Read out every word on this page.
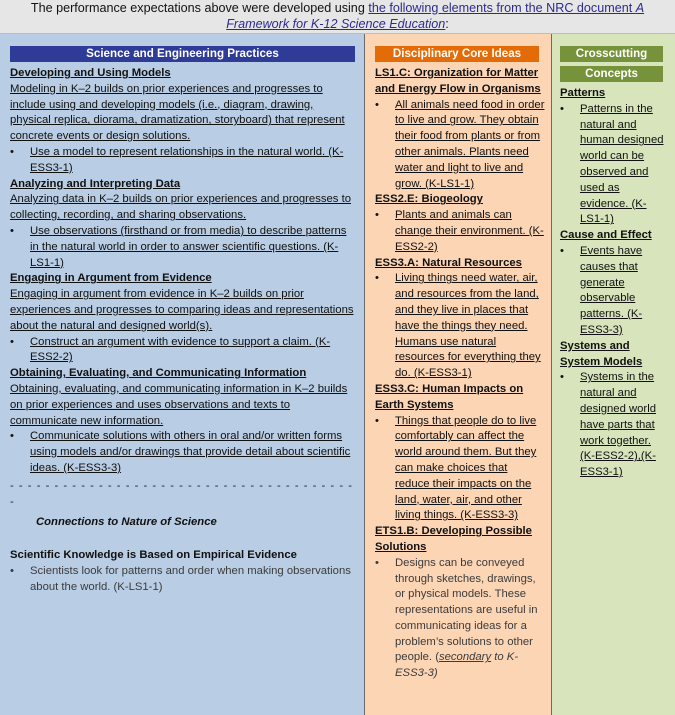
The performance expectations above were developed using the following elements from the NRC document A Framework for K-12 Science Education:
Science and Engineering Practices
Developing and Using Models
Modeling in K–2 builds on prior experiences and progresses to include using and developing models (i.e., diagram, drawing, physical replica, diorama, dramatization, storyboard) that represent concrete events or design solutions.
• Use a model to represent relationships in the natural world. (K-ESS3-1)
Analyzing and Interpreting Data
Analyzing data in K–2 builds on prior experiences and progresses to collecting, recording, and sharing observations.
• Use observations (firsthand or from media) to describe patterns in the natural world in order to answer scientific questions. (K-LS1-1)
Engaging in Argument from Evidence
Engaging in argument from evidence in K–2 builds on prior experiences and progresses to comparing ideas and representations about the natural and designed world(s).
• Construct an argument with evidence to support a claim. (K-ESS2-2)
Obtaining, Evaluating, and Communicating Information
Obtaining, evaluating, and communicating information in K–2 builds on prior experiences and uses observations and texts to communicate new information.
• Communicate solutions with others in oral and/or written forms using models and/or drawings that provide detail about scientific ideas. (K-ESS3-3)
- - - - - - - - - - - - - - - - - - - - - - - - - - - - - - - - - - - - - - - -
Connections to Nature of Science
Scientific Knowledge is Based on Empirical Evidence
• Scientists look for patterns and order when making observations about the world. (K-LS1-1)
Disciplinary Core Ideas
LS1.C: Organization for Matter and Energy Flow in Organisms
• All animals need food in order to live and grow. They obtain their food from plants or from other animals. Plants need water and light to live and grow. (K-LS1-1)
ESS2.E: Biogeology
• Plants and animals can change their environment. (K-ESS2-2)
ESS3.A: Natural Resources
• Living things need water, air, and resources from the land, and they live in places that have the things they need. Humans use natural resources for everything they do. (K-ESS3-1)
ESS3.C: Human Impacts on Earth Systems
• Things that people do to live comfortably can affect the world around them. But they can make choices that reduce their impacts on the land, water, air, and other living things. (K-ESS3-3)
ETS1.B: Developing Possible Solutions
• Designs can be conveyed through sketches, drawings, or physical models. These representations are useful in communicating ideas for a problem’s solutions to other people. (secondary to K-ESS3-3)
Crosscutting
Concepts
Patterns
• Patterns in the natural and human designed world can be observed and used as evidence. (K-LS1-1)
Cause and Effect
• Events have causes that generate observable patterns. (K-ESS3-3)
Systems and System Models
• Systems in the natural and designed world have parts that work together. (K-ESS2-2),(K-ESS3-1)
